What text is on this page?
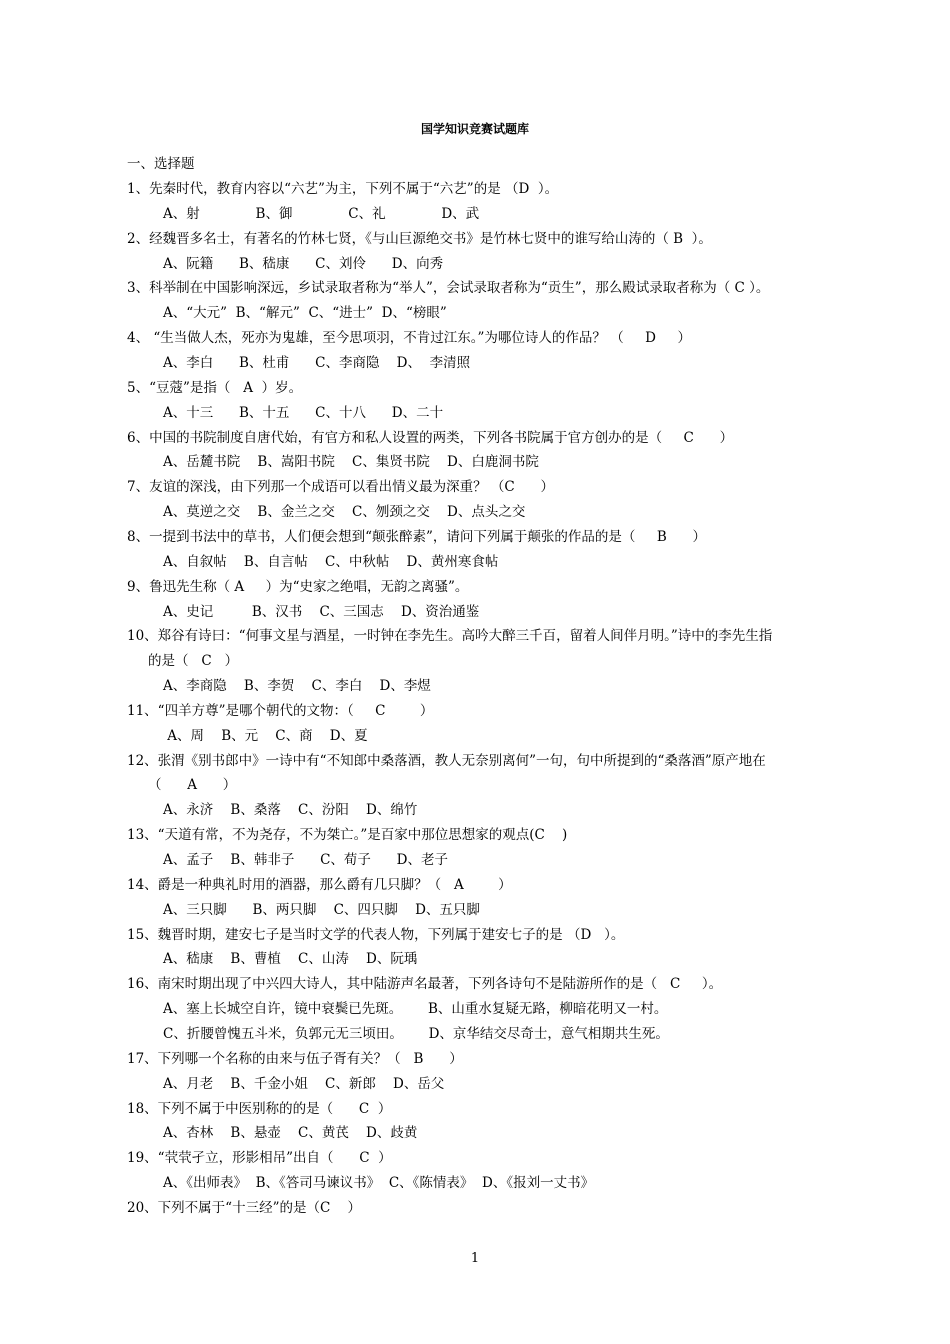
国学知识竞赛试题库
一、选择题
1、先秦时代，教育内容以“六艺”为主，下列不属于“六艺”的是 （D  ）。
A、射             B、御             C、礼             D、武
2、经魏晋多名士，有著名的竹林七贤，《与山巨源绝交书》是竹林七贤中的谁写给山涛的（ B  ）。
A、阮籍      B、嵇康      C、刘伶      D、向秀
3、科举制在中国影响深远，乡试录取者称为“举人”，会试录取者称为“贡生”，那么殿试录取者称为（ C ）。
A、“大元”  B、“解元”  C、“进士”  D、“榜眼”
4、 “生当做人杰，死亦为鬼雄，至今思项羽，不肯过江东。”为哪位诗人的作品？ （     D     ）
A、李白      B、杜甫      C、李商隐    D、  李清照
5、“豆蔻”是指（   A  ）岁。
A、十三      B、十五      C、十八      D、二十
6、中国的书院制度自唐代始，有官方和私人设置的两类，下列各书院属于官方创办的是（     C      ）
A、岳麓书院    B、嵩阳书院    C、集贤书院    D、白鹿洞书院
7、友谊的深浅，由下列那一个成语可以看出情义最为深重？ （C      ）
A、莫逆之交    B、金兰之交    C、刎颈之交    D、点头之交
8、一提到书法中的草书，人们便会想到“颠张醉素”，请问下列属于颠张的作品的是（     B      ）
A、自叙帖    B、自言帖    C、中秋帖    D、黄州寒食帖
9、鲁迅先生称（ A     ）为“史家之绝唱，无韵之离骚”。
A、史记         B、汉书    C、三国志    D、资治通鉴
10、郑谷有诗曰：“何事文星与酒星，一时钟在李先生。高吟大醉三千百，留着人间伴月明。”诗中的李先生指
的是（   C   ）
A、李商隐    B、李贺    C、李白    D、李煜
11、“四羊方尊”是哪个朝代的文物：（     C        ）
A、周    B、元    C、商    D、夏
12、张渭《别书郎中》一诗中有“不知郎中桑落酒，教人无奈别离何”一句，句中所提到的“桑落酒”原产地在
（      A      ）
A、永济    B、桑落    C、汾阳    D、绵竹
13、“天道有常，不为尧存，不为桀亡。”是百家中那位思想家的观点(C    )
A、孟子    B、韩非子      C、荀子      D、老子
14、爵是一种典礼时用的酒器，那么爵有几只脚？（   A        ）
A、三只脚      B、两只脚    C、四只脚    D、五只脚
15、魏晋时期，建安七子是当时文学的代表人物，下列属于建安七子的是 （D   ）。
A、嵇康    B、曹植    C、山涛    D、阮瑀
16、南宋时期出现了中兴四大诗人，其中陆游声名最著，下列各诗句不是陆游所作的是（   C     ）。
A、塞上长城空自许，镜中衰鬓已先斑。      B、山重水复疑无路，柳暗花明又一村。
C、折腰曾愧五斗米，负郭元无三顷田。      D、京华结交尽奇士，意气相期共生死。
17、下列哪一个名称的由来与伍子胥有关？（   B      ）
A、月老    B、千金小姐    C、新郎    D、岳父
18、下列不属于中医别称的的是（      C  ）
A、杏林    B、悬壶    C、黄芪    D、歧黄
19、“茕茕孑立，形影相吊”出自（      C  ）
A、《出师表》  B、《答司马谏议书》  C、《陈情表》  D、《报刘一丈书》
20、下列不属于“十三经”的是（C    ）
1
